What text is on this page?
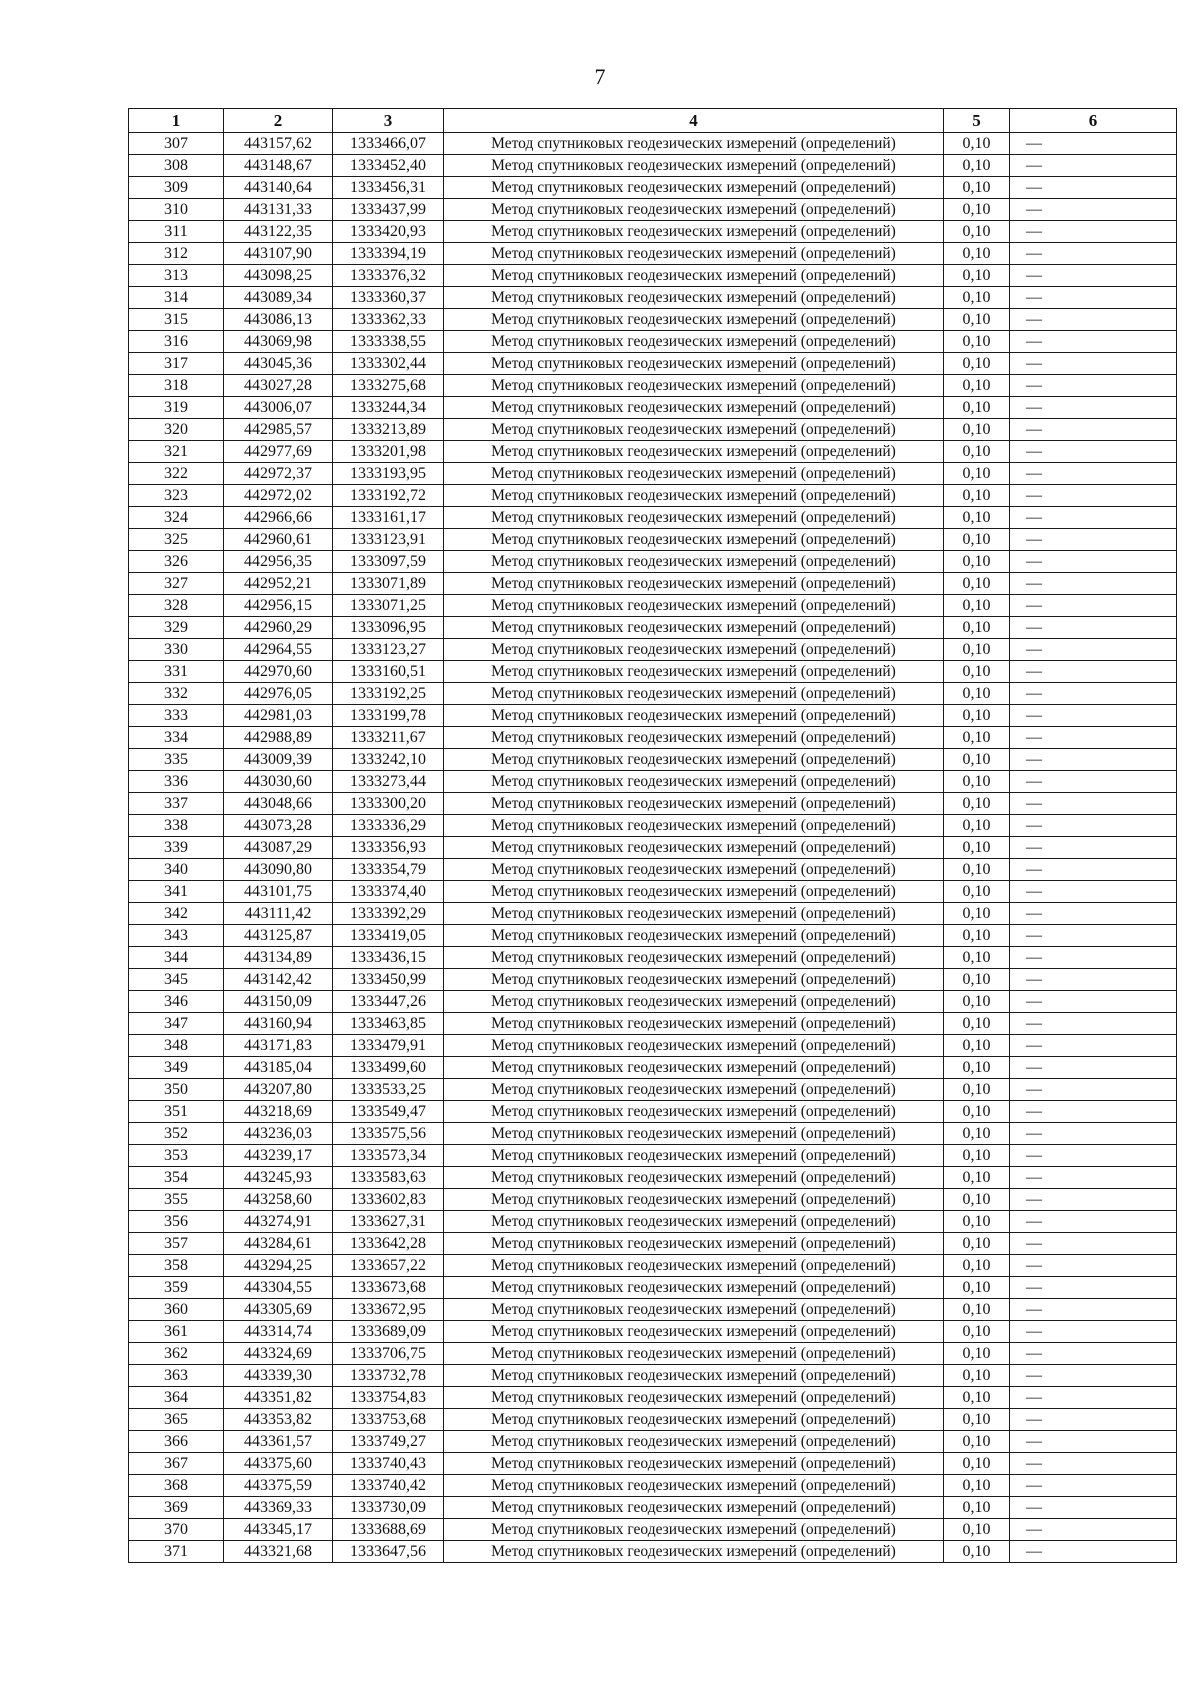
7
1	2	3	4	5	6
307	443157,62	1333466,07	Метод спутниковых геодезических измерений (определений)	0,10	—
308	443148,67	1333452,40	Метод спутниковых геодезических измерений (определений)	0,10	—
309	443140,64	1333456,31	Метод спутниковых геодезических измерений (определений)	0,10	—
310	443131,33	1333437,99	Метод спутниковых геодезических измерений (определений)	0,10	—
311	443122,35	1333420,93	Метод спутниковых геодезических измерений (определений)	0,10	—
312	443107,90	1333394,19	Метод спутниковых геодезических измерений (определений)	0,10	—
313	443098,25	1333376,32	Метод спутниковых геодезических измерений (определений)	0,10	—
314	443089,34	1333360,37	Метод спутниковых геодезических измерений (определений)	0,10	—
315	443086,13	1333362,33	Метод спутниковых геодезических измерений (определений)	0,10	—
316	443069,98	1333338,55	Метод спутниковых геодезических измерений (определений)	0,10	—
317	443045,36	1333302,44	Метод спутниковых геодезических измерений (определений)	0,10	—
318	443027,28	1333275,68	Метод спутниковых геодезических измерений (определений)	0,10	—
319	443006,07	1333244,34	Метод спутниковых геодезических измерений (определений)	0,10	—
320	442985,57	1333213,89	Метод спутниковых геодезических измерений (определений)	0,10	—
321	442977,69	1333201,98	Метод спутниковых геодезических измерений (определений)	0,10	—
322	442972,37	1333193,95	Метод спутниковых геодезических измерений (определений)	0,10	—
323	442972,02	1333192,72	Метод спутниковых геодезических измерений (определений)	0,10	—
324	442966,66	1333161,17	Метод спутниковых геодезических измерений (определений)	0,10	—
325	442960,61	1333123,91	Метод спутниковых геодезических измерений (определений)	0,10	—
326	442956,35	1333097,59	Метод спутниковых геодезических измерений (определений)	0,10	—
327	442952,21	1333071,89	Метод спутниковых геодезических измерений (определений)	0,10	—
328	442956,15	1333071,25	Метод спутниковых геодезических измерений (определений)	0,10	—
329	442960,29	1333096,95	Метод спутниковых геодезических измерений (определений)	0,10	—
330	442964,55	1333123,27	Метод спутниковых геодезических измерений (определений)	0,10	—
331	442970,60	1333160,51	Метод спутниковых геодезических измерений (определений)	0,10	—
332	442976,05	1333192,25	Метод спутниковых геодезических измерений (определений)	0,10	—
333	442981,03	1333199,78	Метод спутниковых геодезических измерений (определений)	0,10	—
334	442988,89	1333211,67	Метод спутниковых геодезических измерений (определений)	0,10	—
335	443009,39	1333242,10	Метод спутниковых геодезических измерений (определений)	0,10	—
336	443030,60	1333273,44	Метод спутниковых геодезических измерений (определений)	0,10	—
337	443048,66	1333300,20	Метод спутниковых геодезических измерений (определений)	0,10	—
338	443073,28	1333336,29	Метод спутниковых геодезических измерений (определений)	0,10	—
339	443087,29	1333356,93	Метод спутниковых геодезических измерений (определений)	0,10	—
340	443090,80	1333354,79	Метод спутниковых геодезических измерений (определений)	0,10	—
341	443101,75	1333374,40	Метод спутниковых геодезических измерений (определений)	0,10	—
342	443111,42	1333392,29	Метод спутниковых геодезических измерений (определений)	0,10	—
343	443125,87	1333419,05	Метод спутниковых геодезических измерений (определений)	0,10	—
344	443134,89	1333436,15	Метод спутниковых геодезических измерений (определений)	0,10	—
345	443142,42	1333450,99	Метод спутниковых геодезических измерений (определений)	0,10	—
346	443150,09	1333447,26	Метод спутниковых геодезических измерений (определений)	0,10	—
347	443160,94	1333463,85	Метод спутниковых геодезических измерений (определений)	0,10	—
348	443171,83	1333479,91	Метод спутниковых геодезических измерений (определений)	0,10	—
349	443185,04	1333499,60	Метод спутниковых геодезических измерений (определений)	0,10	—
350	443207,80	1333533,25	Метод спутниковых геодезических измерений (определений)	0,10	—
351	443218,69	1333549,47	Метод спутниковых геодезических измерений (определений)	0,10	—
352	443236,03	1333575,56	Метод спутниковых геодезических измерений (определений)	0,10	—
353	443239,17	1333573,34	Метод спутниковых геодезических измерений (определений)	0,10	—
354	443245,93	1333583,63	Метод спутниковых геодезических измерений (определений)	0,10	—
355	443258,60	1333602,83	Метод спутниковых геодезических измерений (определений)	0,10	—
356	443274,91	1333627,31	Метод спутниковых геодезических измерений (определений)	0,10	—
357	443284,61	1333642,28	Метод спутниковых геодезических измерений (определений)	0,10	—
358	443294,25	1333657,22	Метод спутниковых геодезических измерений (определений)	0,10	—
359	443304,55	1333673,68	Метод спутниковых геодезических измерений (определений)	0,10	—
360	443305,69	1333672,95	Метод спутниковых геодезических измерений (определений)	0,10	—
361	443314,74	1333689,09	Метод спутниковых геодезических измерений (определений)	0,10	—
362	443324,69	1333706,75	Метод спутниковых геодезических измерений (определений)	0,10	—
363	443339,30	1333732,78	Метод спутниковых геодезических измерений (определений)	0,10	—
364	443351,82	1333754,83	Метод спутниковых геодезических измерений (определений)	0,10	—
365	443353,82	1333753,68	Метод спутниковых геодезических измерений (определений)	0,10	—
366	443361,57	1333749,27	Метод спутниковых геодезических измерений (определений)	0,10	—
367	443375,60	1333740,43	Метод спутниковых геодезических измерений (определений)	0,10	—
368	443375,59	1333740,42	Метод спутниковых геодезических измерений (определений)	0,10	—
369	443369,33	1333730,09	Метод спутниковых геодезических измерений (определений)	0,10	—
370	443345,17	1333688,69	Метод спутниковых геодезических измерений (определений)	0,10	—
371	443321,68	1333647,56	Метод спутниковых геодезических измерений (определений)	0,10	—
